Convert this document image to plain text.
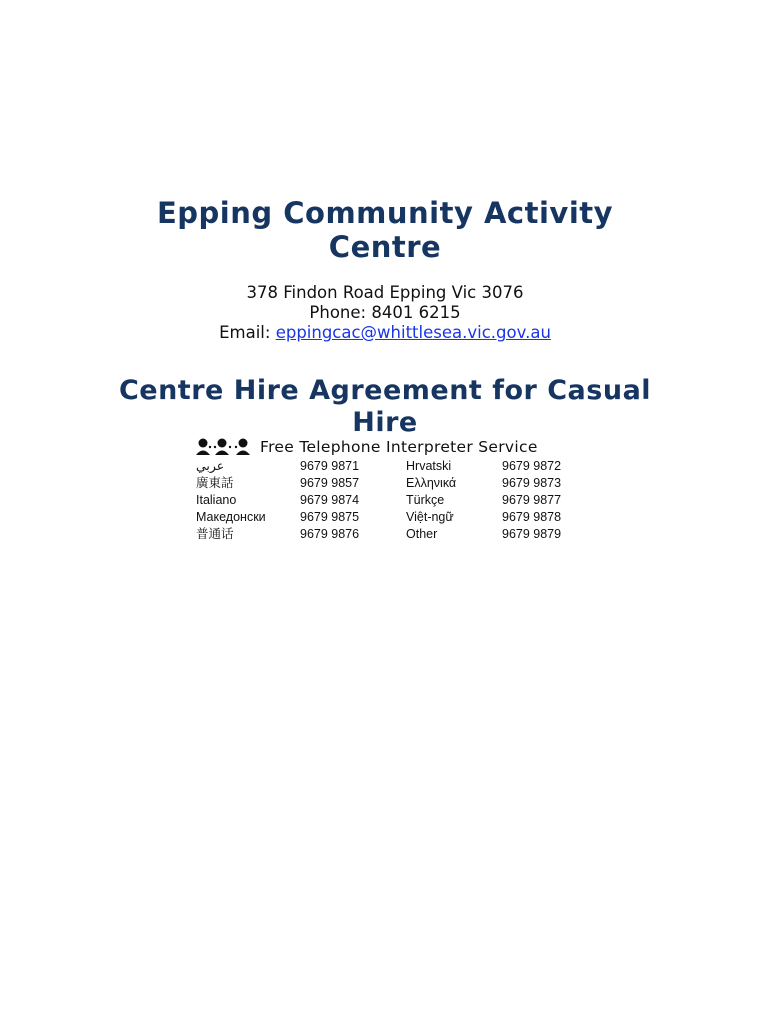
Epping Community Activity Centre
378 Findon Road Epping Vic 3076
Phone: 8401 6215
Email: eppingcac@whittlesea.vic.gov.au
Centre Hire Agreement for Casual Hire
Free Telephone Interpreter Service
عربي	9679 9871	Hrvatski	9679 9872
廣東話	9679 9857	Ελληνικά	9679 9873
Italiano	9679 9874	Türkçe	9679 9877
Македонски	9679 9875	Việt-ngữ	9679 9878
普通话	9679 9876	Other	9679 9879
